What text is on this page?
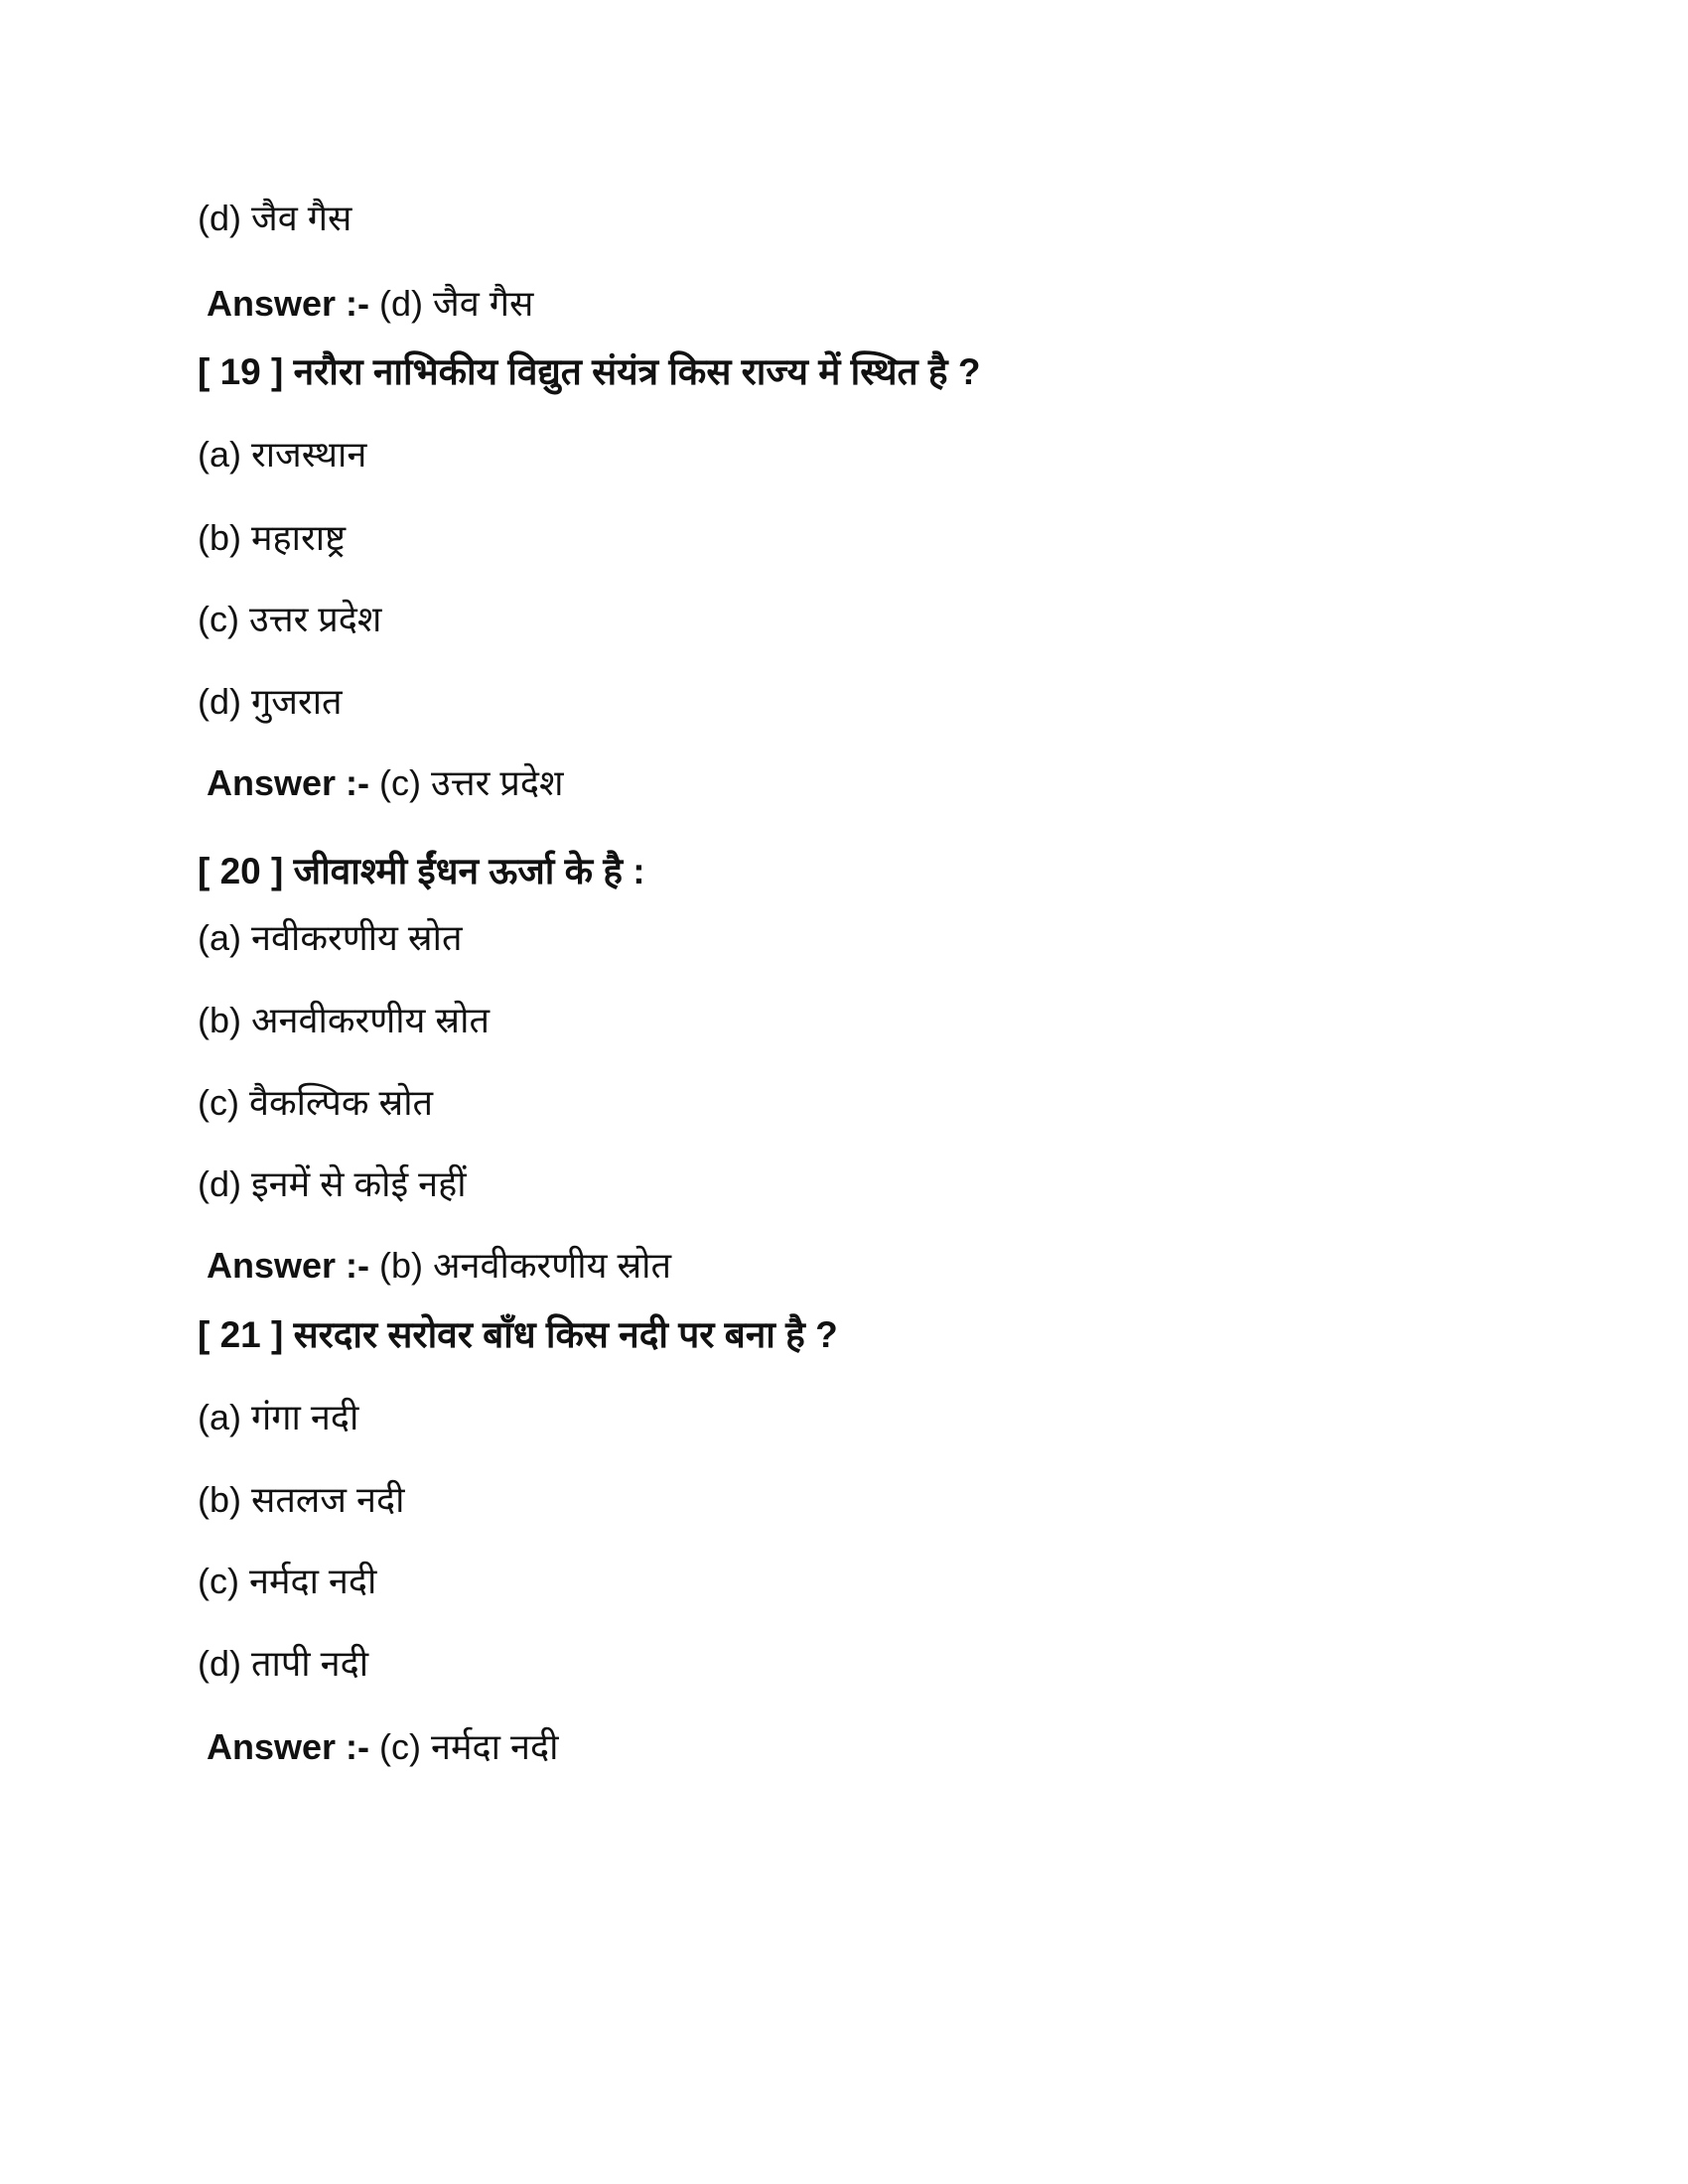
(d) जैव गैस
Answer :- (d) जैव गैस
[ 19 ] नरौरा नाभिकीय विद्युत संयंत्र किस राज्य में स्थित है ?
(a) राजस्थान
(b) महाराष्ट्र
(c) उत्तर प्रदेश
(d) गुजरात
Answer :- (c) उत्तर प्रदेश
[ 20 ] जीवाश्मी ईंधन ऊर्जा के है :
(a) नवीकरणीय स्रोत
(b) अनवीकरणीय स्रोत
(c) वैकल्पिक स्रोत
(d) इनमें से कोई नहीं
Answer :- (b) अनवीकरणीय स्रोत
[ 21 ] सरदार सरोवर बाँध किस नदी पर बना है ?
(a) गंगा नदी
(b) सतलज नदी
(c) नर्मदा नदी
(d) तापी नदी
Answer :- (c) नर्मदा नदी
